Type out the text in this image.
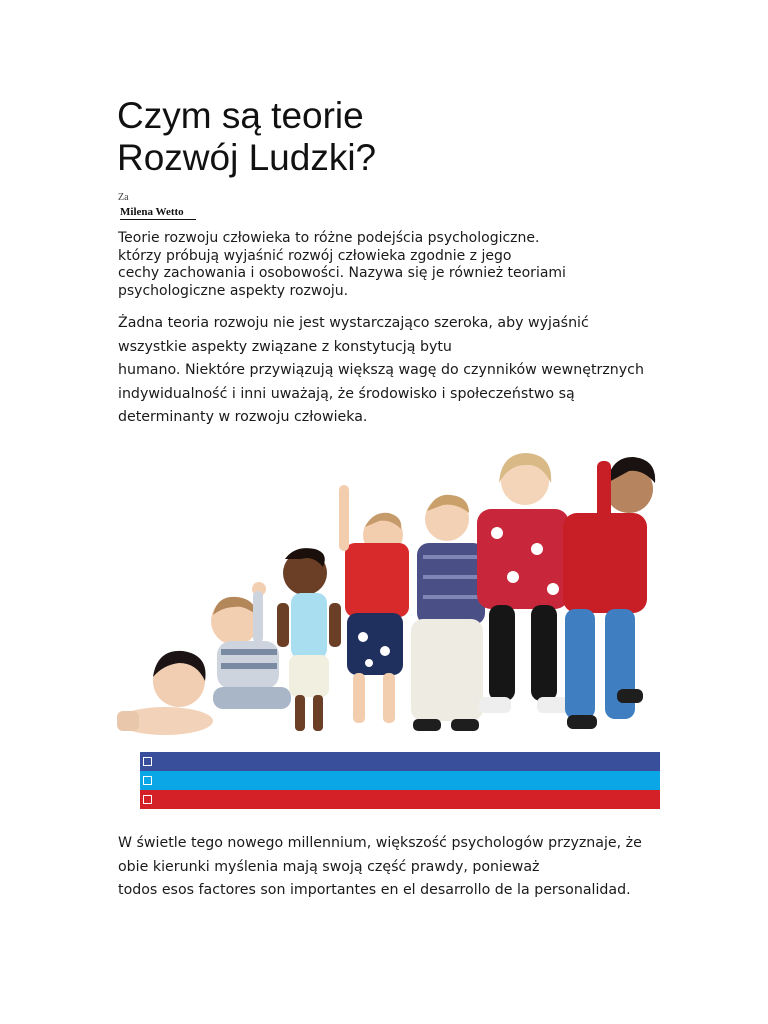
Czym są teorie
Rozwój Ludzki?
Za
Milena Wetto

Teorie rozwoju człowieka to różne podejścia psychologiczne.
którzy próbują wyjaśnić rozwój człowieka zgodnie z jego
cechy zachowania i osobowości. Nazywa się je również teoriami
psychologiczne aspekty rozwoju.

Żadna teoria rozwoju nie jest wystarczająco szeroka, aby wyjaśnić
wszystkie aspekty związane z konstytucją bytu
humano. Niektóre przywiązują większą wagę do czynników wewnętrznych
indywidualność i inni uważają, że środowisko i społeczeństwo są
determinanty w rozwoju człowieka.

W świetle tego nowego millennium, większość psychologów przyznaje, że
obie kierunki myślenia mają swoją część prawdy, ponieważ
todos esos factores son importantes en el desarrollo de la personalidad.
